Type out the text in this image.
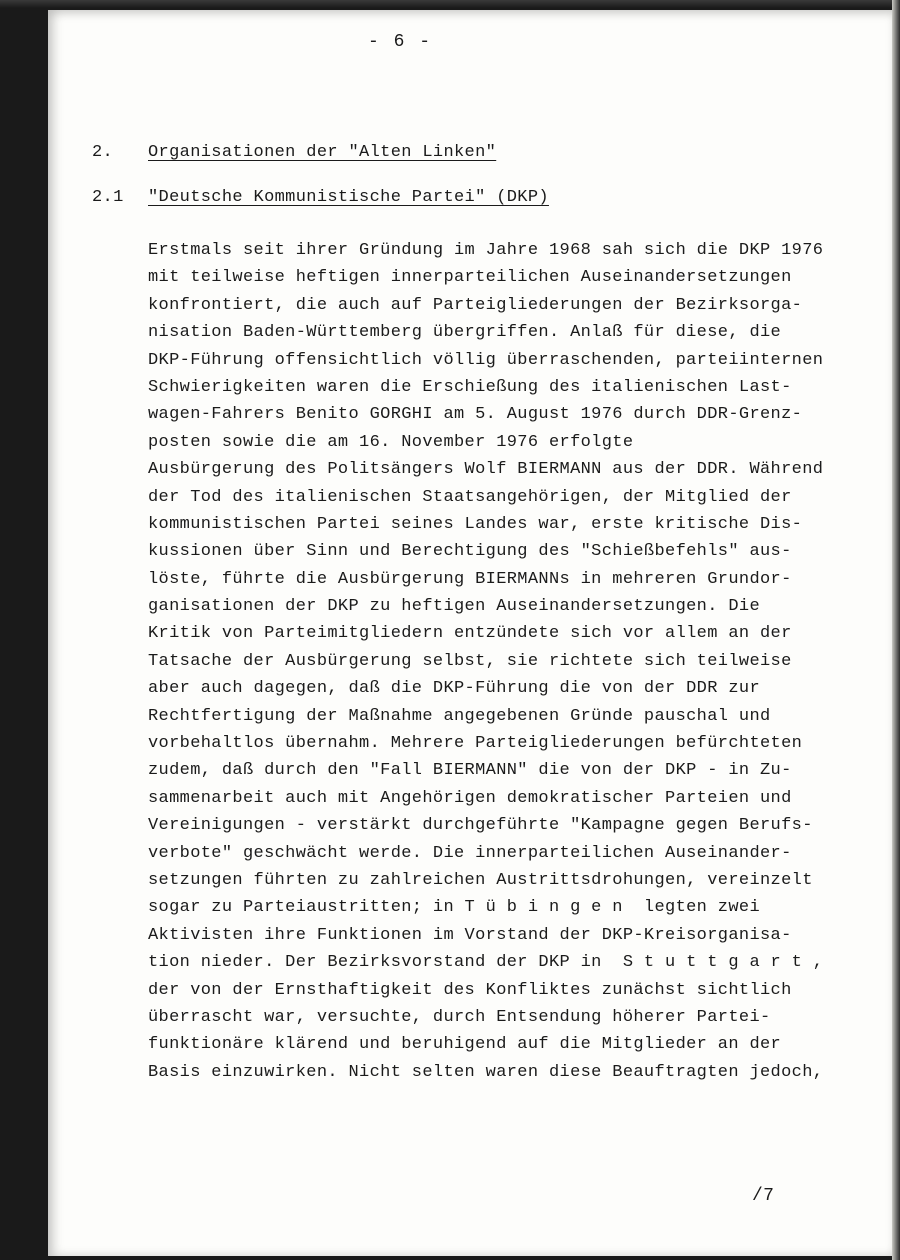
- 6 -
2. Organisationen der "Alten Linken"
2.1 "Deutsche Kommunistische Partei" (DKP)
Erstmals seit ihrer Gründung im Jahre 1968 sah sich die DKP 1976
mit teilweise heftigen innerparteilichen Auseinandersetzungen
konfrontiert, die auch auf Parteigliederungen der Bezirksorga-
nisation Baden-Württemberg übergriffen. Anlaß für diese, die
DKP-Führung offensichtlich völlig überraschenden, parteiinternen
Schwierigkeiten waren die Erschießung des italienischen Last-
wagen-Fahrers Benito GORGHI am 5. August 1976 durch DDR-Grenz-
posten sowie die am 16. November 1976 erfolgte
Ausbürgerung des Politsängers Wolf BIERMANN aus der DDR. Während
der Tod des italienischen Staatsangehörigen, der Mitglied der
kommunistischen Partei seines Landes war, erste kritische Dis-
kussionen über Sinn und Berechtigung des "Schießbefehls" aus-
löste, führte die Ausbürgerung BIERMANNs in mehreren Grundor-
ganisationen der DKP zu heftigen Auseinandersetzungen. Die
Kritik von Parteimitgliedern entzündete sich vor allem an der
Tatsache der Ausbürgerung selbst, sie richtete sich teilweise
aber auch dagegen, daß die DKP-Führung die von der DDR zur
Rechtfertigung der Maßnahme angegebenen Gründe pauschal und
vorbehaltlos übernahm. Mehrere Parteigliederungen befürchteten
zudem, daß durch den "Fall BIERMANN" die von der DKP - in Zu-
sammenarbeit auch mit Angehörigen demokratischer Parteien und
Vereinigungen - verstärkt durchgeführte "Kampagne gegen Berufs-
verbote" geschwächt werde. Die innerparteilichen Auseinander-
setzungen führten zu zahlreichen Austrittsdrohungen, vereinzelt
sogar zu Parteiaustritten; in T ü b i n g e n  legten zwei
Aktivisten ihre Funktionen im Vorstand der DKP-Kreisorganisa-
tion nieder. Der Bezirksvorstand der DKP in  S t u t t g a r t ,
der von der Ernsthaftigkeit des Konfliktes zunächst sichtlich
überrascht war, versuchte, durch Entsendung höherer Partei-
funktionäre klärend und beruhigend auf die Mitglieder an der
Basis einzuwirken. Nicht selten waren diese Beauftragten jedoch,
/7
